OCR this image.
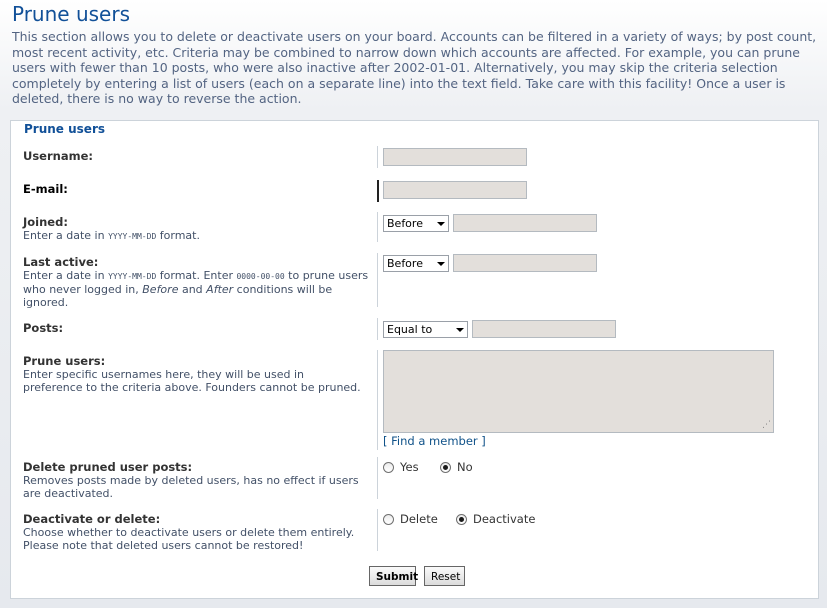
Prune users

This section allows you to delete or deactivate users on your board. Accounts can be filtered in a variety of ways; by post count, most recent activity, etc. Criteria may be combined to narrow down which accounts are affected. For example, you can prune users with fewer than 10 posts, who were also inactive after 2002-01-01. Alternatively, you may skip the criteria selection completely by entering a list of users (each on a separate line) into the text field. Take care with this facility! Once a user is deleted, there is no way to reverse the action.

Prune users
Username:
E-mail:
Joined:
Enter a date in YYYY-MM-DD format.
Before
Last active:
Enter a date in YYYY-MM-DD format. Enter 0000-00-00 to prune users who never logged in, Before and After conditions will be ignored.
Before
Posts:	Equal to
Prune users:
Enter specific usernames here, they will be used in preference to the criteria above. Founders cannot be pruned.
⋰
[ Find a member ]
Delete pruned user posts:
Removes posts made by deleted users, has no effect if users are deactivated.
Yes	No
Deactivate or delete:
Choose whether to deactivate users or delete them entirely. Please note that deleted users cannot be restored!
Delete	Deactivate
Submit	Reset
